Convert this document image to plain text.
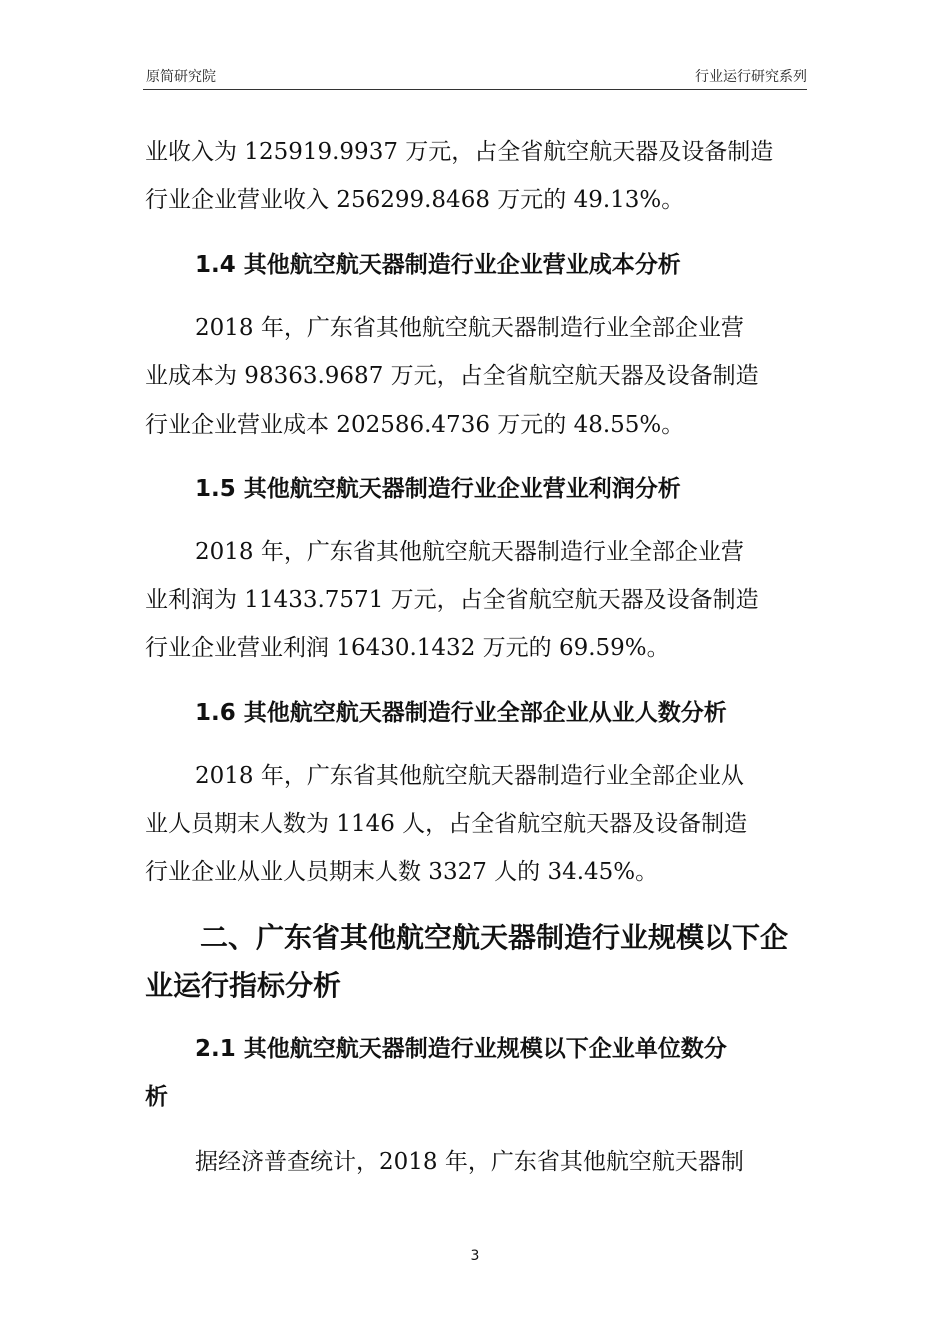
原简研究院	行业运行研究系列
业收入为 125919.9937 万元，占全省航空航天器及设备制造
行业企业营业收入 256299.8468 万元的 49.13%。
1.4 其他航空航天器制造行业企业营业成本分析
2018 年，广东省其他航空航天器制造行业全部企业营
业成本为 98363.9687 万元，占全省航空航天器及设备制造
行业企业营业成本 202586.4736 万元的 48.55%。
1.5 其他航空航天器制造行业企业营业利润分析
2018 年，广东省其他航空航天器制造行业全部企业营
业利润为 11433.7571 万元，占全省航空航天器及设备制造
行业企业营业利润 16430.1432 万元的 69.59%。
1.6 其他航空航天器制造行业全部企业从业人数分析
2018 年，广东省其他航空航天器制造行业全部企业从
业人员期末人数为 1146 人，占全省航空航天器及设备制造
行业企业从业人员期末人数 3327 人的 34.45%。
二、广东省其他航空航天器制造行业规模以下企
业运行指标分析
2.1 其他航空航天器制造行业规模以下企业单位数分
析
据经济普查统计，2018 年，广东省其他航空航天器制
3
